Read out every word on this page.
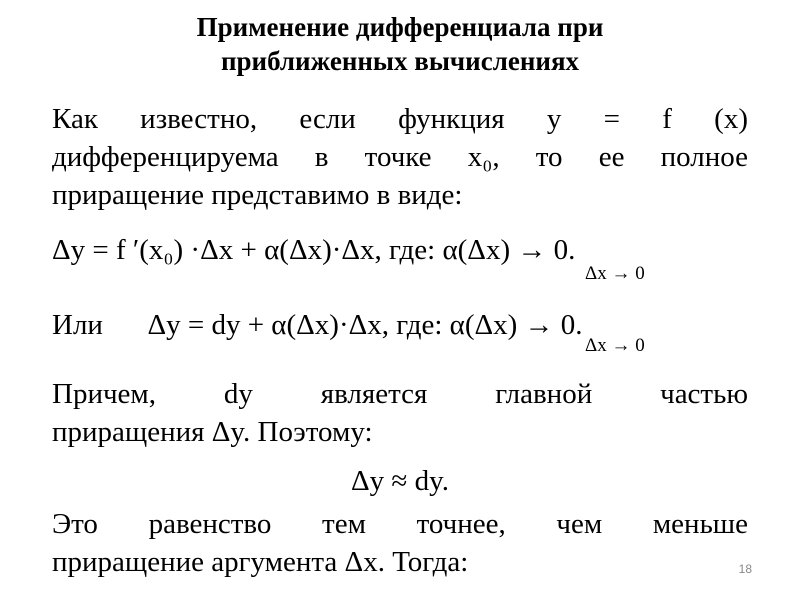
Применение дифференциала при
приближенных вычислениях
Как известно, если функция y = f (x)
дифференцируема в точке x₀, то ее полное
приращение представимо в виде:
Δy = f ′(x₀) ·Δx + α(Δx)·Δx, где: α(Δx) → 0.
Δx → 0
Или Δy = dy + α(Δx)·Δx, где: α(Δx) → 0.
Δx → 0
Причем, dy является главной частью
приращения Δy. Поэтому:
Δy ≈ dy.
Это равенство тем точнее, чем меньше
приращение аргумента Δx. Тогда:	18
